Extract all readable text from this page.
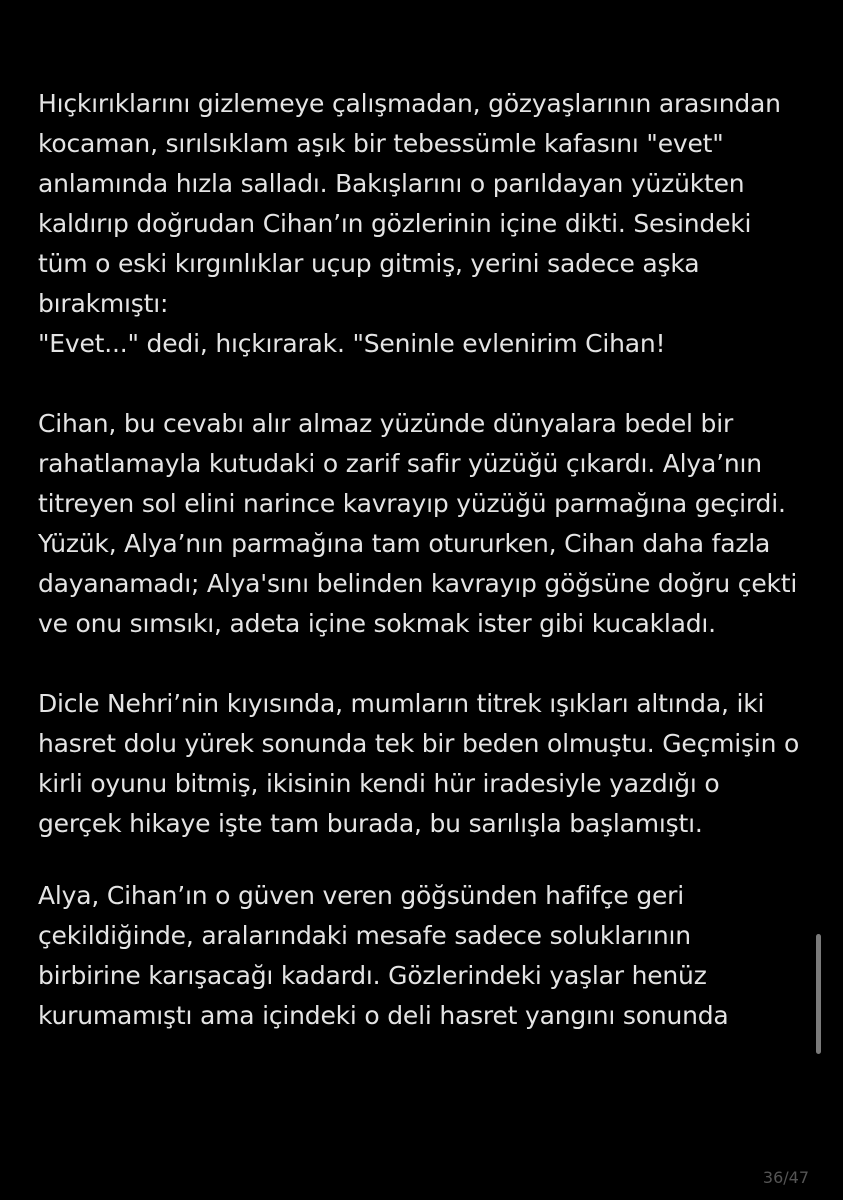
Hıçkırıklarını gizlemeye çalışmadan, gözyaşlarının arasından
kocaman, sırılsıklam aşık bir tebessümle kafasını "evet"
anlamında hızla salladı. Bakışlarını o parıldayan yüzükten
kaldırıp doğrudan Cihan’ın gözlerinin içine dikti. Sesindeki
tüm o eski kırgınlıklar uçup gitmiş, yerini sadece aşka
bırakmıştı:
"Evet..." dedi, hıçkırarak. "Seninle evlenirim Cihan!

Cihan, bu cevabı alır almaz yüzünde dünyalara bedel bir
rahatlamayla kutudaki o zarif safir yüzüğü çıkardı. Alya’nın
titreyen sol elini narince kavrayıp yüzüğü parmağına geçirdi.
Yüzük, Alya’nın parmağına tam otururken, Cihan daha fazla
dayanamadı; Alya'sını belinden kavrayıp göğsüne doğru çekti
ve onu sımsıkı, adeta içine sokmak ister gibi kucakladı.

Dicle Nehri’nin kıyısında, mumların titrek ışıkları altında, iki
hasret dolu yürek sonunda tek bir beden olmuştu. Geçmişin o
kirli oyunu bitmiş, ikisinin kendi hür iradesiyle yazdığı o
gerçek hikaye işte tam burada, bu sarılışla başlamıştı.

Alya, Cihan’ın o güven veren göğsünden hafifçe geri
çekildiğinde, aralarındaki mesafe sadece soluklarının
birbirine karışacağı kadardı. Gözlerindeki yaşlar henüz
kurumamıştı ama içindeki o deli hasret yangını sonunda

36/47
